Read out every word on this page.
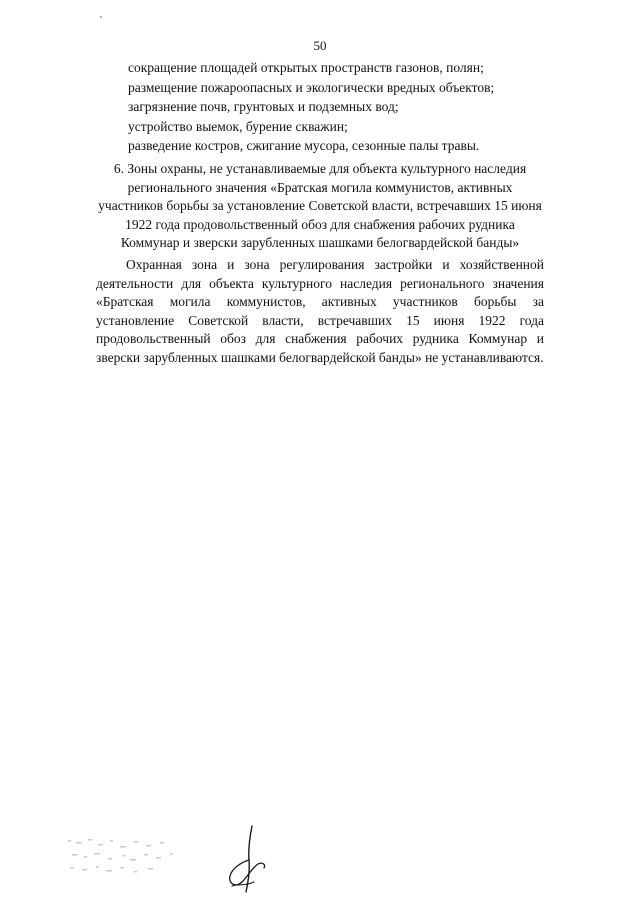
50
сокращение площадей открытых пространств газонов, полян;
размещение пожароопасных и экологически вредных объектов;
загрязнение почв, грунтовых и подземных вод;
устройство выемок, бурение скважин;
разведение костров, сжигание мусора, сезонные палы травы.
6. Зоны охраны, не устанавливаемые для объекта культурного наследия регионального значения «Братская могила коммунистов, активных участников борьбы за установление Советской власти, встречавших 15 июня 1922 года продовольственный обоз для снабжения рабочих рудника Коммунар и зверски зарубленных шашками белогвардейской банды»
Охранная зона и зона регулирования застройки и хозяйственной деятельности для объекта культурного наследия регионального значения «Братская могила коммунистов, активных участников борьбы за установление Советской власти, встречавших 15 июня 1922 года продовольственный обоз для снабжения рабочих рудника Коммунар и зверски зарубленных шашками белогвардейской банды» не устанавливаются.
